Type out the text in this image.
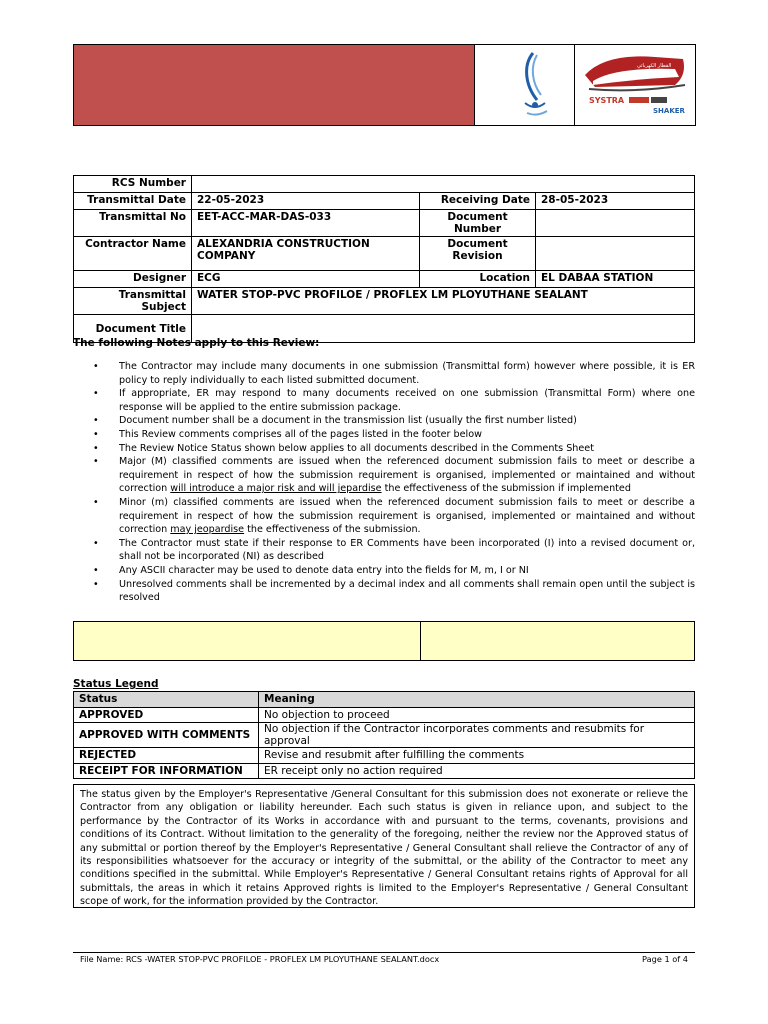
القطار الكهربائي
SYSTRA
SHAKER
RCS Number			
Transmittal Date	22-05-2023	Receiving Date	28-05-2023
Transmittal No	EET-ACC-MAR-DAS-033	Document Number	
Contractor Name	ALEXANDRIA CONSTRUCTION COMPANY	Document Revision	
Designer	ECG	Location	EL DABAA STATION
Transmittal Subject	WATER STOP-PVC PROFILOE / PROFLEX LM PLOYUTHANE SEALANT		
Document Title			
The following Notes apply to this Review:
• The Contractor may include many documents in one submission (Transmittal form) however where possible, it is ER policy to reply individually to each listed submitted document.
• If appropriate, ER may respond to many documents received on one submission (Transmittal Form) where one response will be applied to the entire submission package.
• Document number shall be a document in the transmission list (usually the first number listed)
• This Review comments comprises all of the pages listed in the footer below
• The Review Notice Status shown below applies to all documents described in the Comments Sheet
• Major (M) classified comments are issued when the referenced document submission fails to meet or describe a requirement in respect of how the submission requirement is organised, implemented or maintained and without correction will introduce a major risk and will jepardise the effectiveness of the submission if implemented
• Minor (m) classified comments are issued when the referenced document submission fails to meet or describe a requirement in respect of how the submission requirement is organised, implemented or maintained and without correction may jeopardise the effectiveness of the submission.
• The Contractor must state if their response to ER Comments have been incorporated (I) into a revised document or, shall not be incorporated (NI) as described
• Any ASCII character may be used to denote data entry into the fields for M, m, I or NI
• Unresolved comments shall be incremented by a decimal index and all comments shall remain open until the subject is resolved
Status Legend
Status	Meaning
APPROVED	No objection to proceed
APPROVED WITH COMMENTS	No objection if the Contractor incorporates comments and resubmits for approval
REJECTED	Revise and resubmit after fulfilling the comments
RECEIPT FOR INFORMATION	ER receipt only no action required
The status given by the Employer's Representative /General Consultant for this submission does not exonerate or relieve the Contractor from any obligation or liability hereunder. Each such status is given in reliance upon, and subject to the performance by the Contractor of its Works in accordance with and pursuant to the terms, covenants, provisions and conditions of its Contract. Without limitation to the generality of the foregoing, neither the review nor the Approved status of any submittal or portion thereof by the Employer's Representative / General Consultant shall relieve the Contractor of any of its responsibilities whatsoever for the accuracy or integrity of the submittal, or the ability of the Contractor to meet any conditions specified in the submittal. While Employer's Representative / General Consultant retains rights of Approval for all submittals, the areas in which it retains Approved rights is limited to the Employer's Representative / General Consultant scope of work, for the information provided by the Contractor.
File Name: RCS -WATER STOP-PVC PROFILOE - PROFLEX LM PLOYUTHANE SEALANT.docx	Page 1 of 4
